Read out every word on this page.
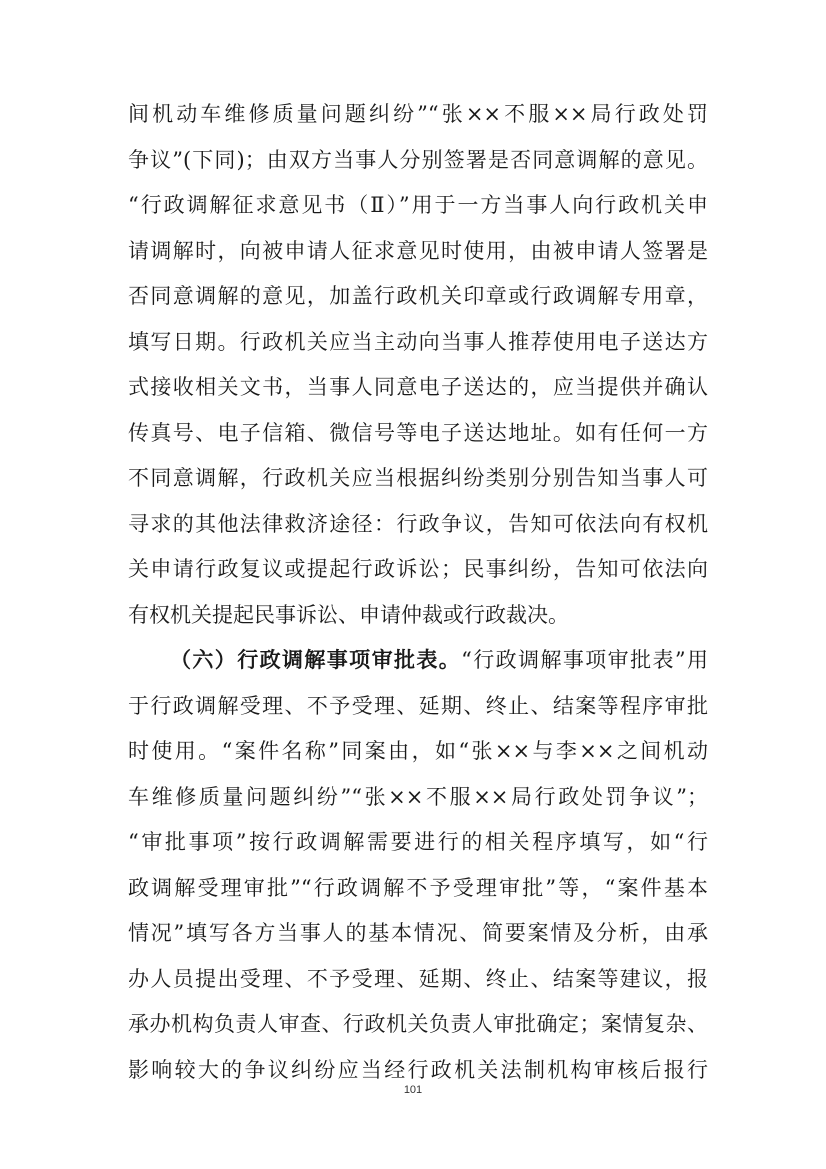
间机动车维修质量问题纠纷”“张××不服××局行政处罚
争议”(下同)；由双方当事人分别签署是否同意调解的意见。
“行政调解征求意见书（Ⅱ）”用于一方当事人向行政机关申
请调解时，向被申请人征求意见时使用，由被申请人签署是
否同意调解的意见，加盖行政机关印章或行政调解专用章，
填写日期。行政机关应当主动向当事人推荐使用电子送达方
式接收相关文书，当事人同意电子送达的，应当提供并确认
传真号、电子信箱、微信号等电子送达地址。如有任何一方
不同意调解，行政机关应当根据纠纷类别分别告知当事人可
寻求的其他法律救济途径：行政争议，告知可依法向有权机
关申请行政复议或提起行政诉讼；民事纠纷，告知可依法向
有权机关提起民事诉讼、申请仲裁或行政裁决。
（六）行政调解事项审批表。“行政调解事项审批表”用
于行政调解受理、不予受理、延期、终止、结案等程序审批
时使用。“案件名称”同案由，如“张××与李××之间机动
车维修质量问题纠纷”“张××不服××局行政处罚争议”；
“审批事项”按行政调解需要进行的相关程序填写，如“行
政调解受理审批”“行政调解不予受理审批”等，“案件基本
情况”填写各方当事人的基本情况、简要案情及分析，由承
办人员提出受理、不予受理、延期、终止、结案等建议，报
承办机构负责人审查、行政机关负责人审批确定；案情复杂、
影响较大的争议纠纷应当经行政机关法制机构审核后报行
101
